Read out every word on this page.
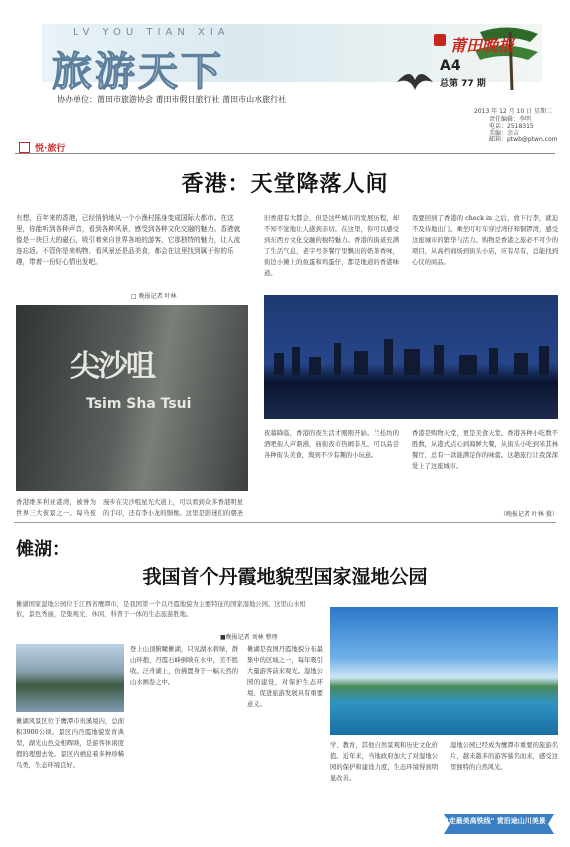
LV YOU TIAN XIA
旅游天下
莆田晚报
A4
总第 77 期
2013 年 12 月 10 日 星期二
责任编辑：李明
电话：2518315
美编：余吉
邮箱：ptwb@ptwn.com
协办单位：莆田市旅游协会 莆田市假日旅行社 莆田市山水旅行社
悦·旅行
香港：天堂降落人间
有想，百年来的香港，已经悄悄地从一个小渔村摇身变成国际大都市。在这里，你能听到各种声音，看到各种风景，感受到各种文化交融的魅力。香港就像是一块巨大的磁石，吸引着来自世界各地的游客，它那独特的魅力，让人流连忘返。不管你是来购物、看风景还是品美食，都会在这里找到属于你的乐趣，带着一份好心情出发吧。
□ 晚报记者 叶林
尖沙咀
Tsim Sha Tsui
旧香港有大都会，但是这些城市的发展历程，却不知不觉地让人感到亲切。在这里，你可以感受到东西方文化交融的独特魅力。香港的街道充满了生活气息，老字号茶餐厅里飘出的奶茶香味，街边小摊上的鱼蛋和鸡蛋仔，都是地道的香港味道。
我要回到了香港的 check in 之后，放下行李，就迫不及待地出门。乘坐叮叮车穿过湾仔和铜锣湾，感受这座城市的繁华与活力。购物是香港之旅必不可少的项目，从高档商场到街头小店，应有尽有，总能找到心仪的商品。
漫步在尖沙咀星光大道上，可以看到众多香港明星的手印，还有李小龙的铜像。这里是影迷们的朝圣
夜幕降临，香港的夜生活才刚刚开始。兰桂坊的酒吧街人声鼎沸，庙街夜市热闹非凡，可以品尝各种街头美食，淘到不少有趣的小玩意。
香港是购物天堂，更是美食天堂。香港各种小吃数不胜数，从港式点心到海鲜大餐，从街头小吃到米其林餐厅，总有一款能满足你的味蕾。这趟旅行让我深深爱上了这座城市。
香港维多利亚港湾，被誉为世界三大夜景之一。每当夜	（晚报记者 叶林 摄）
傩湖：
我国首个丹霞地貌型国家湿地公园
傩湖国家湿地公园位于江西省鹰潭市，是我国第一个以丹霞地貌为主要特征的国家湿地公园。这里山水相依，景色秀丽，是集观光、休闲、科普于一体的生态旅游胜地。
■晚报记者 刘林 整理
傩湖风景区位于鹰潭市贵溪境内，总面积3900公顷。景区内丹霞地貌发育典型，湖光山色交相辉映，是游客休闲度假的理想去处。景区内栖息着多种珍稀鸟类，生态环境良好。
登上山顶俯瞰傩湖，只见湖水碧绿，群山环抱，丹霞石峰倒映在水中，美不胜收。泛舟湖上，仿佛置身于一幅天然的山水画卷之中。
傩湖是我国丹霞地貌分布最集中的区域之一，每年吸引大量游客前来观光。湿地公园的建设，对保护生态环境、促进旅游发展具有重要意义。
学、教育，其他自然景观和历史文化价值。近年来，当地政府加大了对湿地公园的保护和建设力度，生态环境得到明显改善。
湿地公园已经成为鹰潭市重要的旅游名片，越来越多的游客慕名而来，感受这里独特的自然风光。
"走最美高铁线" 赏沿途山川美景
